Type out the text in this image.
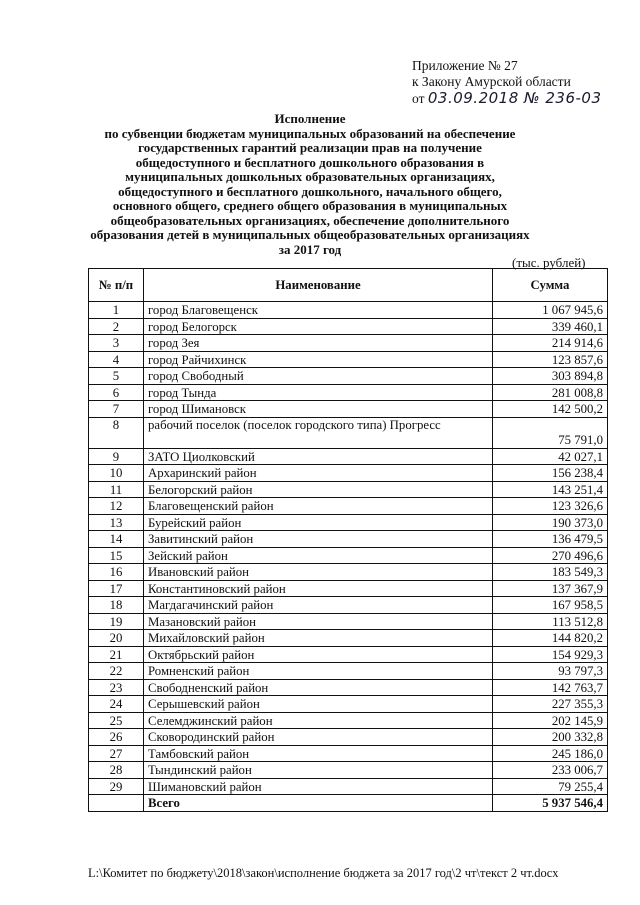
Приложение № 27
к Закону Амурской области
от 03.09.2018 № 236-03
Исполнение
по субвенции бюджетам муниципальных образований на обеспечение государственных гарантий реализации прав на получение общедоступного и бесплатного дошкольного образования в муниципальных дошкольных образовательных организациях, общедоступного и бесплатного дошкольного, начального общего, основного общего, среднего общего образования в муниципальных общеобразовательных организациях, обеспечение дополнительного образования детей в муниципальных общеобразовательных организациях за 2017 год
(тыс. рублей)
№ п/п	Наименование	Сумма
1	город Благовещенск	1 067 945,6
2	город Белогорск	339 460,1
3	город Зея	214 914,6
4	город Райчихинск	123 857,6
5	город Свободный	303 894,8
6	город Тында	281 008,8
7	город Шимановск	142 500,2
8	рабочий поселок (поселок городского типа) Прогресс	75 791,0
9	ЗАТО Циолковский	42 027,1
10	Архаринский район	156 238,4
11	Белогорский район	143 251,4
12	Благовещенский район	123 326,6
13	Бурейский район	190 373,0
14	Завитинский район	136 479,5
15	Зейский район	270 496,6
16	Ивановский район	183 549,3
17	Константиновский район	137 367,9
18	Магдагачинский район	167 958,5
19	Мазановский район	113 512,8
20	Михайловский район	144 820,2
21	Октябрьский район	154 929,3
22	Ромненский район	93 797,3
23	Свободненский район	142 763,7
24	Серышевский район	227 355,3
25	Селемджинский район	202 145,9
26	Сковородинский район	200 332,8
27	Тамбовский район	245 186,0
28	Тындинский район	233 006,7
29	Шимановский район	79 255,4
	Всего	5 937 546,4
L:\Комитет по бюджету\2018\закон\исполнение бюджета за 2017 год\2 чт\текст 2 чт.docx
